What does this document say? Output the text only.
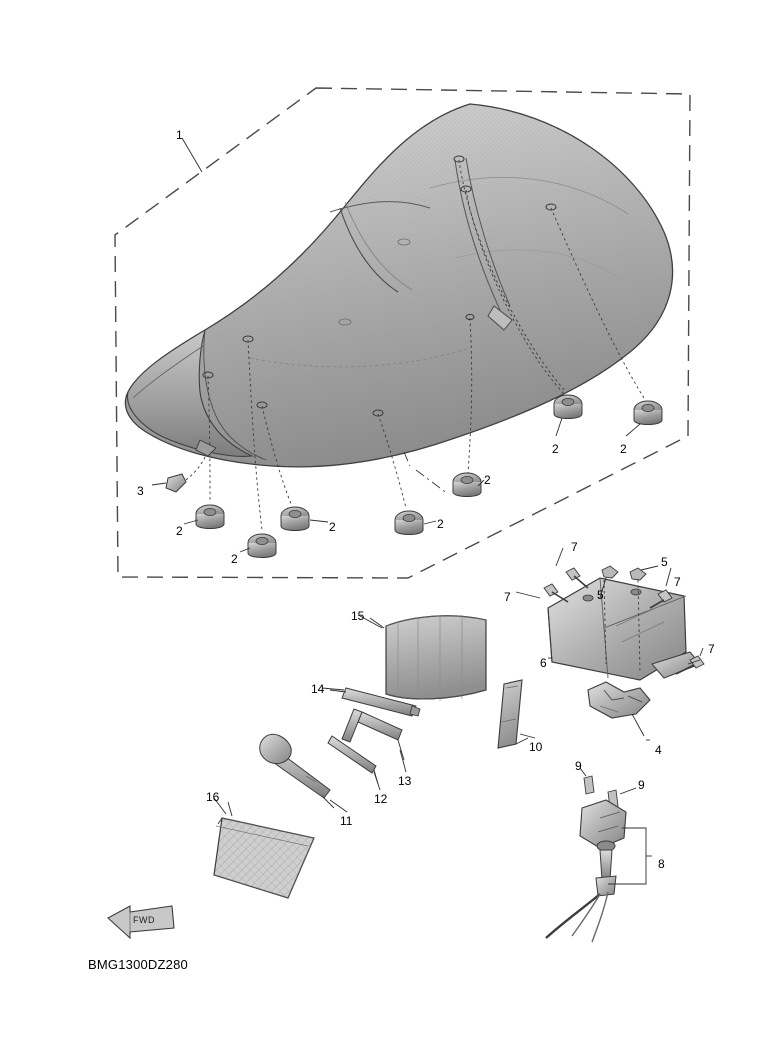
1
2	2
2
2
2
2
2
3
4
5
5
6
7
7
7
7
8
9
9
10
11
12
13
14
15
16
FWD
BMG1300DZ280
